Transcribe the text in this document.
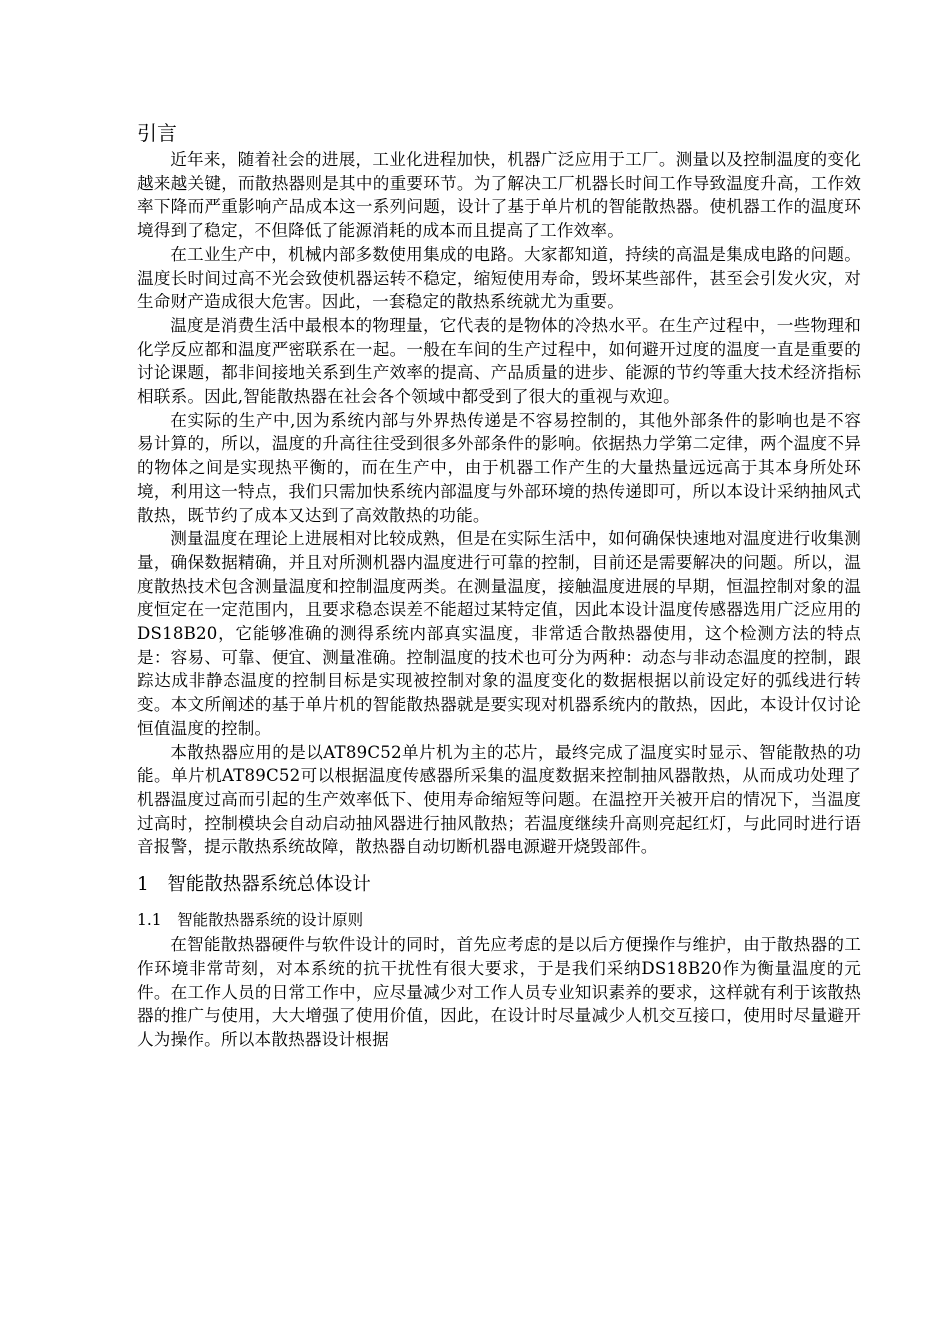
引言

近年来，随着社会的进展，工业化进程加快，机器广泛应用于工厂。测量以及控制温度的变化越来越关键，而散热器则是其中的重要环节。为了解决工厂机器长时间工作导致温度升高，工作效率下降而严重影响产品成本这一系列问题，设计了基于单片机的智能散热器。使机器工作的温度环境得到了稳定，不但降低了能源消耗的成本而且提高了工作效率。

在工业生产中，机械内部多数使用集成的电路。大家都知道，持续的高温是集成电路的问题。温度长时间过高不光会致使机器运转不稳定，缩短使用寿命，毁坏某些部件，甚至会引发火灾，对生命财产造成很大危害。因此，一套稳定的散热系统就尤为重要。

温度是消费生活中最根本的物理量，它代表的是物体的冷热水平。在生产过程中，一些物理和化学反应都和温度严密联系在一起。一般在车间的生产过程中，如何避开过度的温度一直是重要的讨论课题，都非间接地关系到生产效率的提高、产品质量的进步、能源的节约等重大技术经济指标相联系。因此,智能散热器在社会各个领域中都受到了很大的重视与欢迎。

在实际的生产中,因为系统内部与外界热传递是不容易控制的，其他外部条件的影响也是不容易计算的，所以，温度的升高往往受到很多外部条件的影响。依据热力学第二定律，两个温度不异的物体之间是实现热平衡的，而在生产中，由于机器工作产生的大量热量远远高于其本身所处环境，利用这一特点，我们只需加快系统内部温度与外部环境的热传递即可，所以本设计采纳抽风式散热，既节约了成本又达到了高效散热的功能。

测量温度在理论上进展相对比较成熟，但是在实际生活中，如何确保快速地对温度进行收集测量，确保数据精确，并且对所测机器内温度进行可靠的控制，目前还是需要解决的问题。所以，温度散热技术包含测量温度和控制温度两类。在测量温度，接触温度进展的早期，恒温控制对象的温度恒定在一定范围内，且要求稳态误差不能超过某特定值，因此本设计温度传感器选用广泛应用的DS18B20，它能够准确的测得系统内部真实温度，非常适合散热器使用，这个检测方法的特点是：容易、可靠、便宜、测量准确。控制温度的技术也可分为两种：动态与非动态温度的控制，跟踪达成非静态温度的控制目标是实现被控制对象的温度变化的数据根据以前设定好的弧线进行转变。本文所阐述的基于单片机的智能散热器就是要实现对机器系统内的散热，因此，本设计仅讨论恒值温度的控制。

本散热器应用的是以AT89C52单片机为主的芯片，最终完成了温度实时显示、智能散热的功能。单片机AT89C52可以根据温度传感器所采集的温度数据来控制抽风器散热，从而成功处理了机器温度过高而引起的生产效率低下、使用寿命缩短等问题。在温控开关被开启的情况下，当温度过高时，控制模块会自动启动抽风器进行抽风散热；若温度继续升高则亮起红灯，与此同时进行语音报警，提示散热系统故障，散热器自动切断机器电源避开烧毁部件。

1　智能散热器系统总体设计
1.1　智能散热器系统的设计原则

在智能散热器硬件与软件设计的同时，首先应考虑的是以后方便操作与维护，由于散热器的工作环境非常苛刻，对本系统的抗干扰性有很大要求，于是我们采纳DS18B20作为衡量温度的元件。在工作人员的日常工作中，应尽量减少对工作人员专业知识素养的要求，这样就有利于该散热器的推广与使用，大大增强了使用价值，因此，在设计时尽量减少人机交互接口，使用时尽量避开人为操作。所以本散热器设计根据
